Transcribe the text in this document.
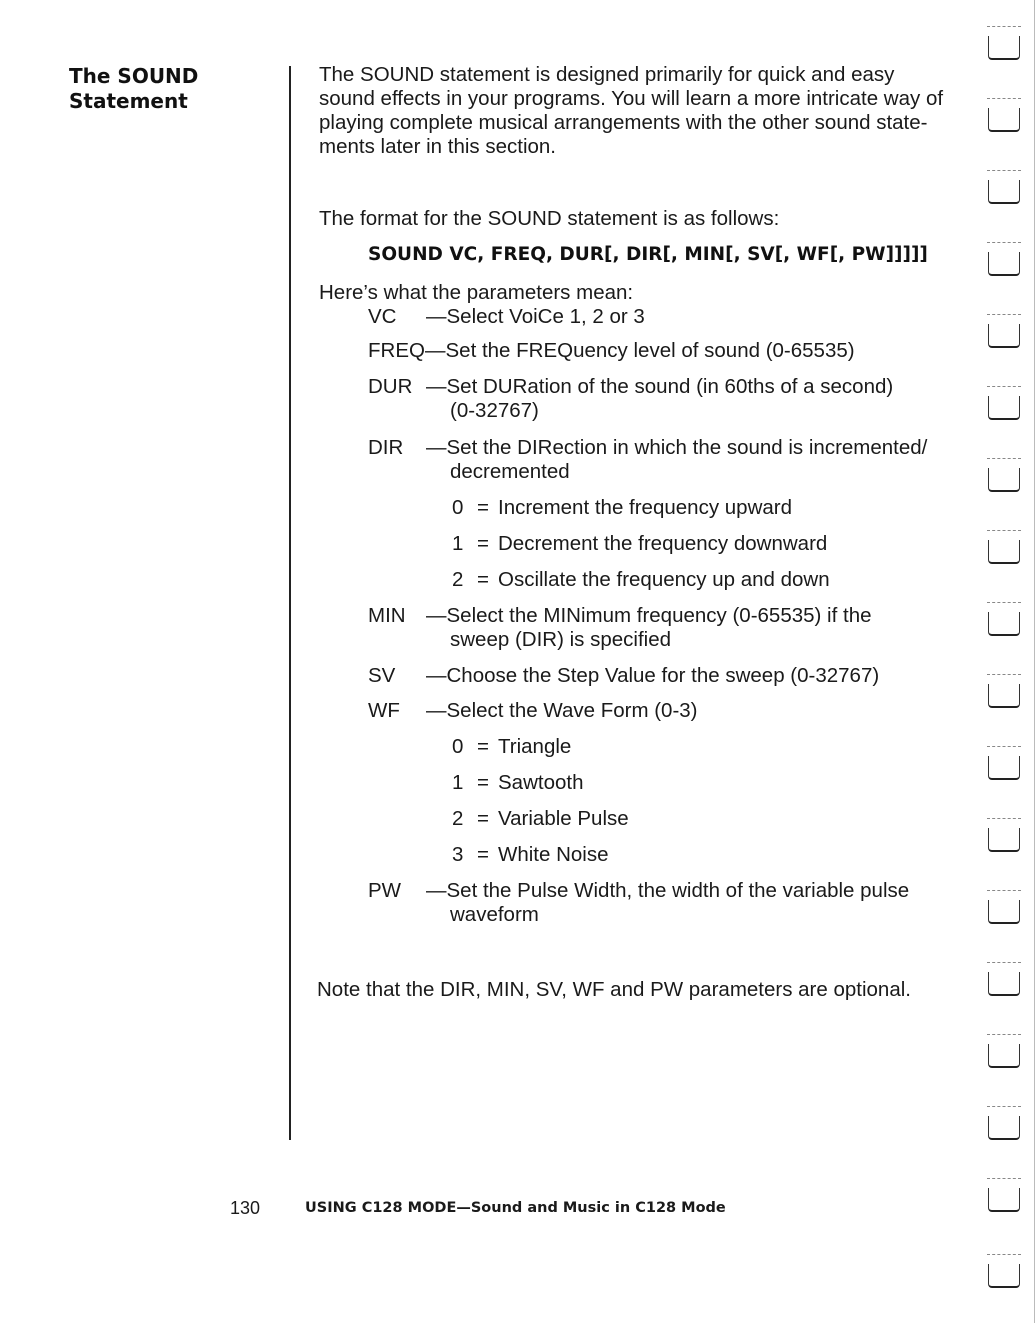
The SOUND
Statement
The SOUND statement is designed primarily for quick and easy
sound effects in your programs. You will learn a more intricate way of
playing complete musical arrangements with the other sound state-
ments later in this section.
The format for the SOUND statement is as follows:
SOUND VC, FREQ, DUR[, DIR[, MIN[, SV[, WF[, PW]]]]]
Here’s what the parameters mean:
VC —Select VoiCe 1, 2 or 3
FREQ —Set the FREQuency level of sound (0-65535)
DUR —Set DURation of the sound (in 60ths of a second)
(0-32767)
DIR —Set the DIRection in which the sound is incremented/
decremented
0 = Increment the frequency upward
1 = Decrement the frequency downward
2 = Oscillate the frequency up and down
MIN —Select the MINimum frequency (0-65535) if the
sweep (DIR) is specified
SV —Choose the Step Value for the sweep (0-32767)
WF —Select the Wave Form (0-3)
0 = Triangle
1 = Sawtooth
2 = Variable Pulse
3 = White Noise
PW —Set the Pulse Width, the width of the variable pulse
waveform
Note that the DIR, MIN, SV, WF and PW parameters are optional.
130	USING C128 MODE—Sound and Music in C128 Mode
